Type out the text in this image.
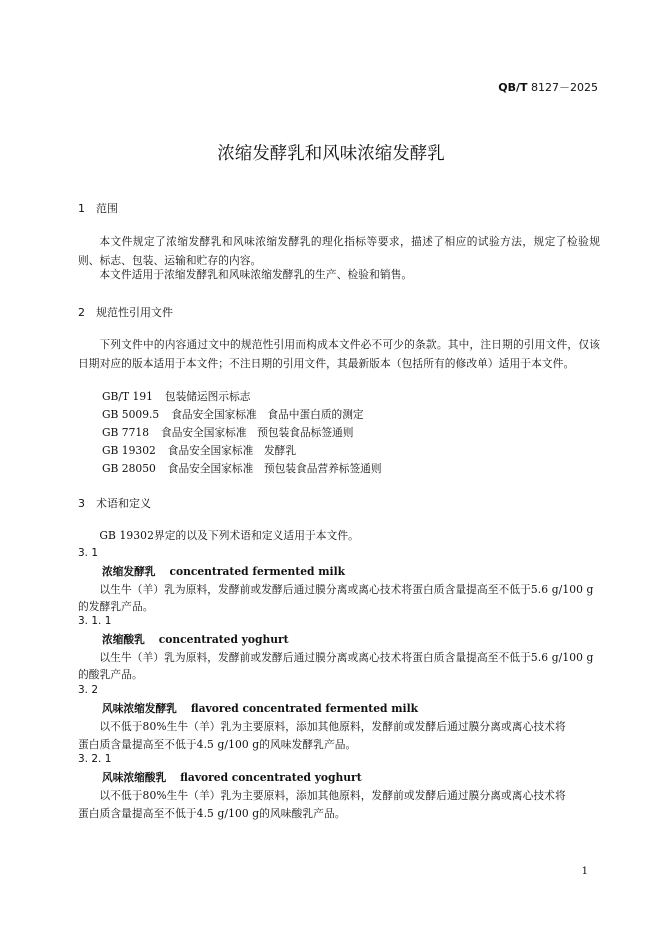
QB/T 8127－2025
浓缩发酵乳和风味浓缩发酵乳
1 范围
本文件规定了浓缩发酵乳和风味浓缩发酵乳的理化指标等要求，描述了相应的试验方法，规定了检验规则、标志、包装、运输和贮存的内容。
本文件适用于浓缩发酵乳和风味浓缩发酵乳的生产、检验和销售。
2 规范性引用文件
下列文件中的内容通过文中的规范性引用而构成本文件必不可少的条款。其中，注日期的引用文件，仅该日期对应的版本适用于本文件；不注日期的引用文件，其最新版本（包括所有的修改单）适用于本文件。
GB/T 191 包装储运图示标志
GB 5009.5 食品安全国家标准　食品中蛋白质的测定
GB 7718 食品安全国家标准　预包装食品标签通则
GB 19302 食品安全国家标准　发酵乳
GB 28050 食品安全国家标准　预包装食品营养标签通则
3 术语和定义
GB 19302界定的以及下列术语和定义适用于本文件。
3. 1
浓缩发酵乳 concentrated fermented milk
以生牛（羊）乳为原料，发酵前或发酵后通过膜分离或离心技术将蛋白质含量提高至不低于5.6 g/100 g
的发酵乳产品。
3. 1. 1
浓缩酸乳 concentrated yoghurt
以生牛（羊）乳为原料，发酵前或发酵后通过膜分离或离心技术将蛋白质含量提高至不低于5.6 g/100 g
的酸乳产品。
3. 2
风味浓缩发酵乳 flavored concentrated fermented milk
以不低于80%生牛（羊）乳为主要原料，添加其他原料，发酵前或发酵后通过膜分离或离心技术将
蛋白质含量提高至不低于4.5 g/100 g的风味发酵乳产品。
3. 2. 1
风味浓缩酸乳 flavored concentrated yoghurt
以不低于80%生牛（羊）乳为主要原料，添加其他原料，发酵前或发酵后通过膜分离或离心技术将
蛋白质含量提高至不低于4.5 g/100 g的风味酸乳产品。
1
